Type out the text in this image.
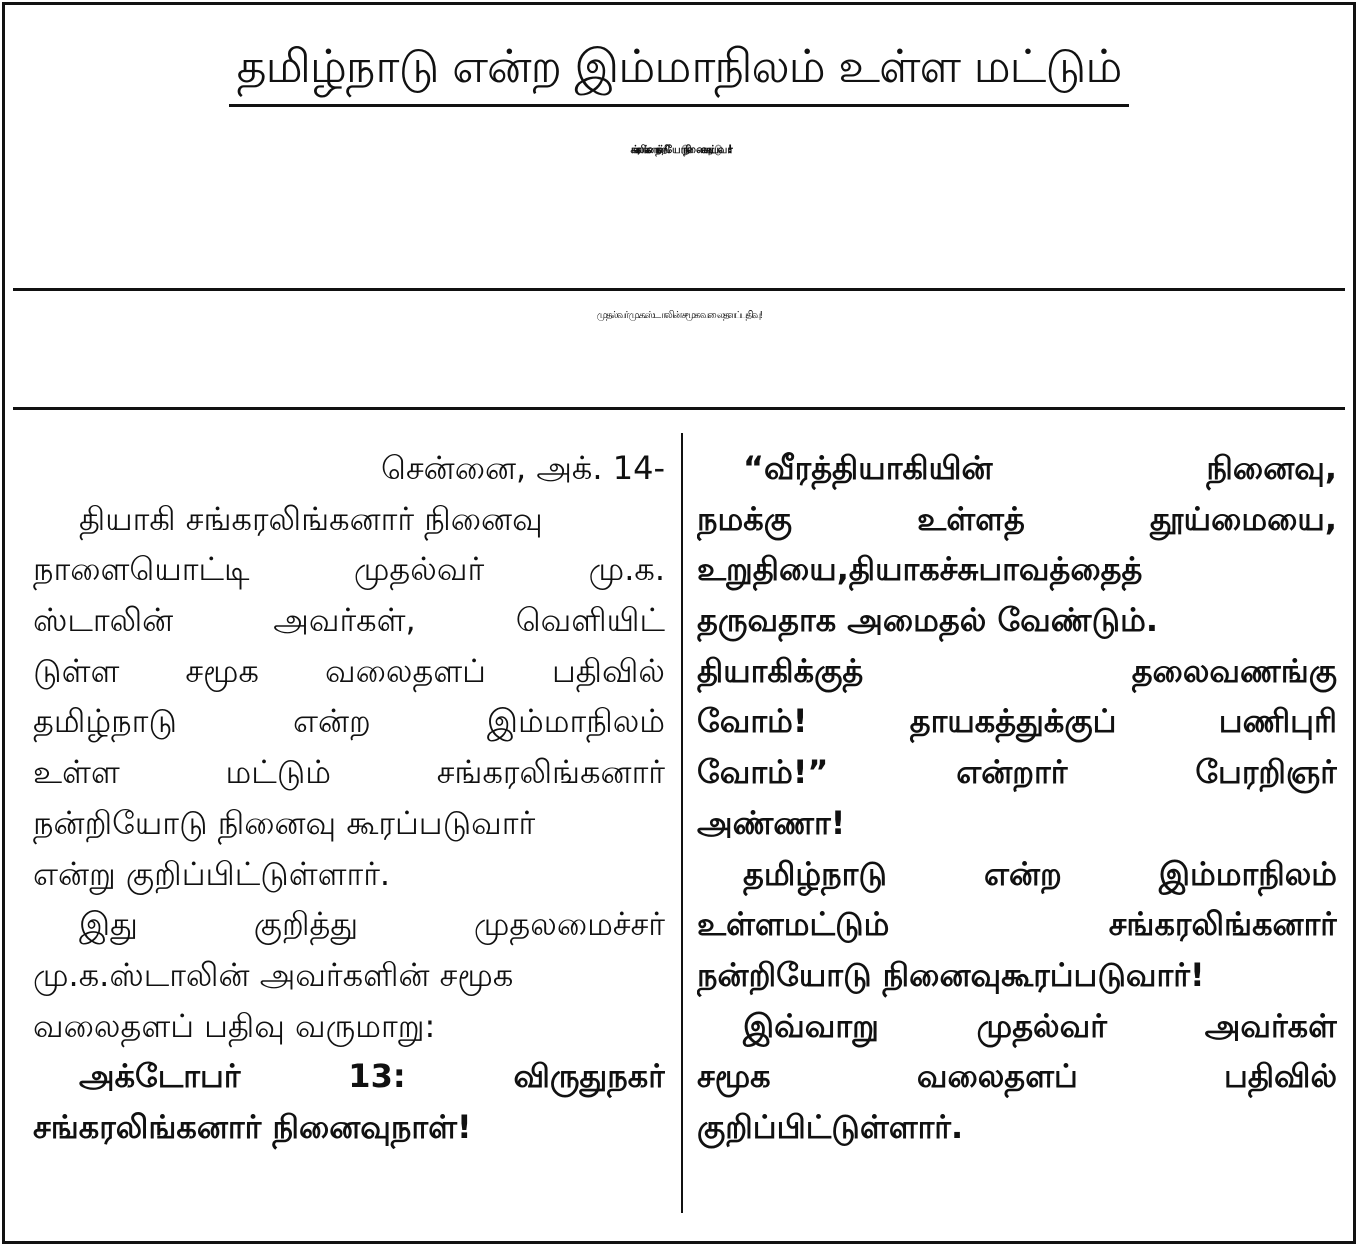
தமிழ்நாடு என்ற இம்மாநிலம் உள்ள மட்டும்
சங்கரலிங்கனார் நன்றியோடு நினைவு கூரப்படுவார்!
முதல்வர் மு.க.ஸ்டாலின் சமூக வலைதளப்பதிவு!
சென்னை, அக். 14-
தியாகி சங்கரலிங்கனார் நினைவு
நாளையொட்டி	முதல்வர்	மு.க.
ஸ்டாலின்	அவர்கள்,	வெளியிட்
டுள்ள சமூக வலைதளப் பதிவில்
தமிழ்நாடு	என்ற	இம்மாநிலம்
உள்ள	மட்டும்	சங்கரலிங்கனார்
நன்றியோடு நினைவு கூரப்படுவார்
என்று குறிப்பிட்டுள்ளார்.
இது	குறித்து	முதலமைச்சர்
மு.க.ஸ்டாலின் அவர்களின் சமூக
வலைதளப் பதிவு வருமாறு:
அக்டோபர்	13:	விருதுநகர்
சங்கரலிங்கனார் நினைவுநாள்!
“வீரத்தியாகியின்	நினைவு,
நமக்கு	உள்ளத்	தூய்மையை,
உறுதியை,தியாகச்சுபாவத்தைத்
தருவதாக அமைதல் வேண்டும்.
தியாகிக்குத்	தலைவணங்கு
வோம்!	தாயகத்துக்குப்	பணிபுரி
வோம்!”	என்றார்	பேரறிஞர்
அண்ணா!
தமிழ்நாடு	என்ற	இம்மாநிலம்
உள்ளமட்டும்	சங்கரலிங்கனார்
நன்றியோடு நினைவுகூரப்படுவார்!
இவ்வாறு	முதல்வர்	அவர்கள்
சமூக	வலைதளப்	பதிவில்
குறிப்பிட்டுள்ளார்.
